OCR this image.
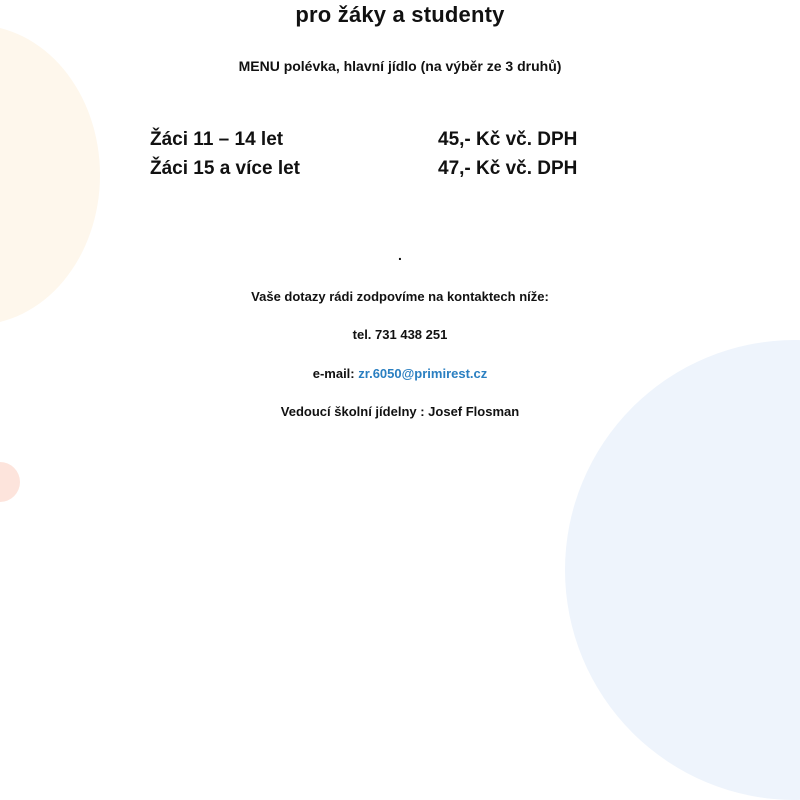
pro žáky a studenty
MENU polévka, hlavní jídlo (na výběr ze 3 druhů)
Žáci 11 – 14 let	45,- Kč vč. DPH
Žáci 15 a více let	47,- Kč vč. DPH
.
Vaše dotazy rádi zodpovíme na kontaktech níže:
tel. 731 438 251
e-mail: zr.6050@primirest.cz
Vedoucí školní jídelny : Josef Flosman
